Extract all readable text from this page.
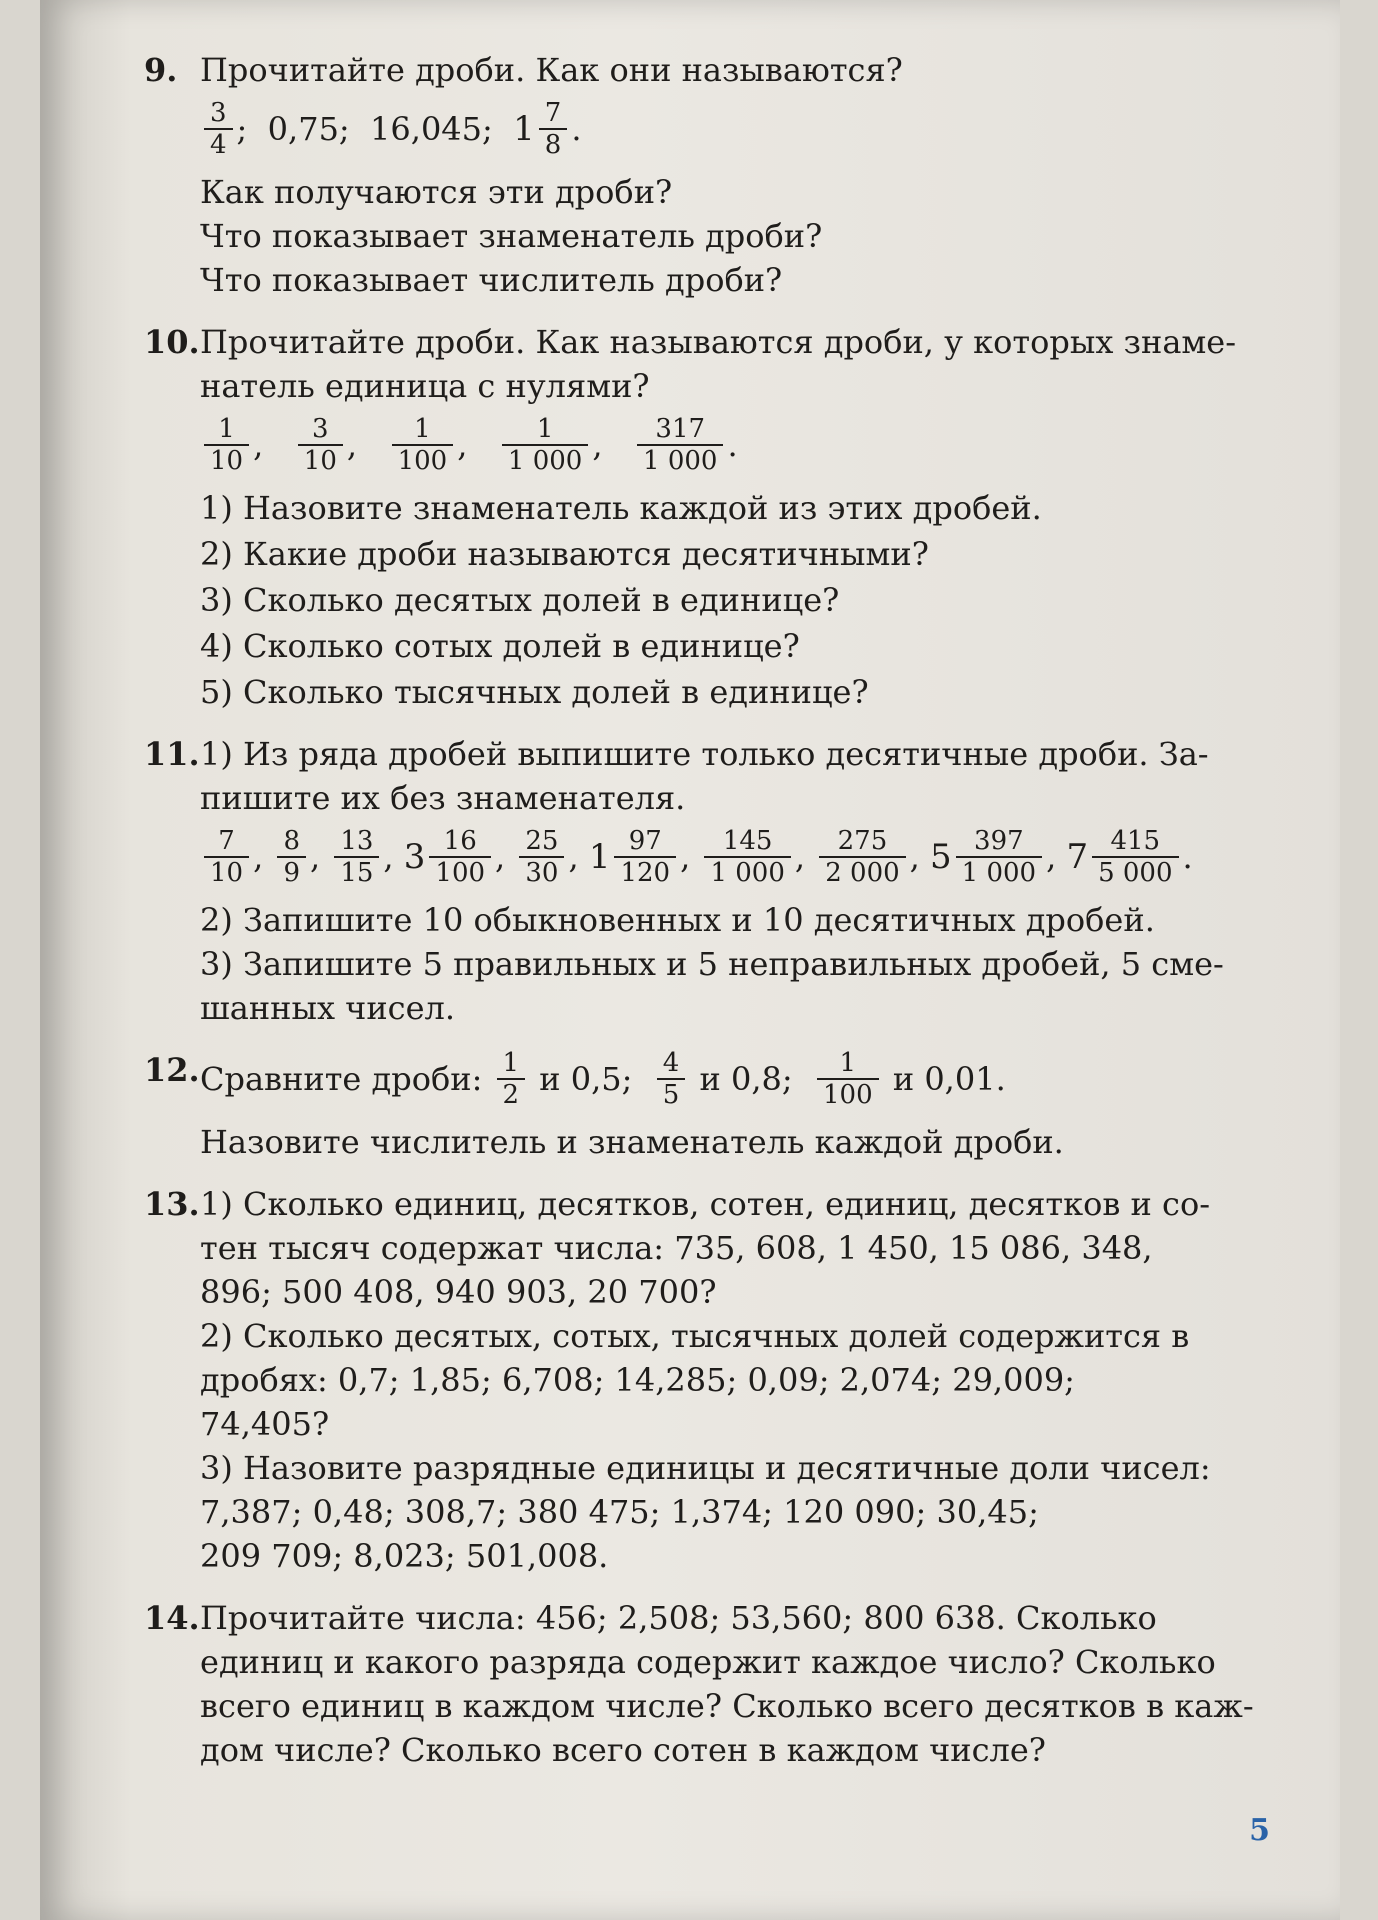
9. Прочитайте дроби. Как они называются?

$\frac{3}{4}$ ; 0,75; 16,045; $1 \frac{7}{8}$ .

Как получаются эти дроби?

Что показывает знаменатель дроби?

Что показывает числитель дроби?

10. Прочитайте дроби. Как называются дроби, у которых знаме-

натель единица с нулями?

$\frac{1}{10}$ , $\frac{3}{10}$ , $\frac{1}{100}$ , $\frac{1}{1 000}$ , $\frac{317}{1 000}$ .

1) Назовите знаменатель каждой из этих дробей.

2) Какие дроби называются десятичными?

3) Сколько десятых долей в единице?

4) Сколько сотых долей в единице?

5) Сколько тысячных долей в единице?

11. 1) Из ряда дробей выпишите только десятичные дроби. За-

пишите их без знаменателя.

$\frac{7}{10}$ , $\frac{8}{9}$ , $\frac{13}{15}$ , $3 \frac{16}{100}$ , $\frac{25}{30}$ , $1 \frac{97}{120}$ , $\frac{145}{1 000}$ , $\frac{275}{2 000}$ , $5 \frac{397}{1 000}$ , $7 \frac{415}{5 000}$ .

2) Запишите 10 обыкновенных и 10 десятичных дробей.

3) Запишите 5 правильных и 5 неправильных дробей, 5 сме-

шанных чисел.

12. Сравните дроби: $\frac{1}{2}$ и 0,5; $\frac{4}{5}$ и 0,8; $\frac{1}{100}$ и 0,01.

Назовите числитель и знаменатель каждой дроби.

13. 1) Сколько единиц, десятков, сотен, единиц, десятков и со-

тен тысяч содержат числа: 735, 608, 1 450, 15 086, 348,

896; 500 408, 940 903, 20 700?

2) Сколько десятых, сотых, тысячных долей содержится в

дробях: 0,7; 1,85; 6,708; 14,285; 0,09; 2,074; 29,009;

74,405?

3) Назовите разрядные единицы и десятичные доли чисел:

7,387; 0,48; 308,7; 380 475; 1,374; 120 090; 30,45;

209 709; 8,023; 501,008.

14. Прочитайте числа: 456; 2,508; 53,560; 800 638. Сколько

единиц и какого разряда содержит каждое число? Сколько

всего единиц в каждом числе? Сколько всего десятков в каж-

дом числе? Сколько всего сотен в каждом числе?

5
